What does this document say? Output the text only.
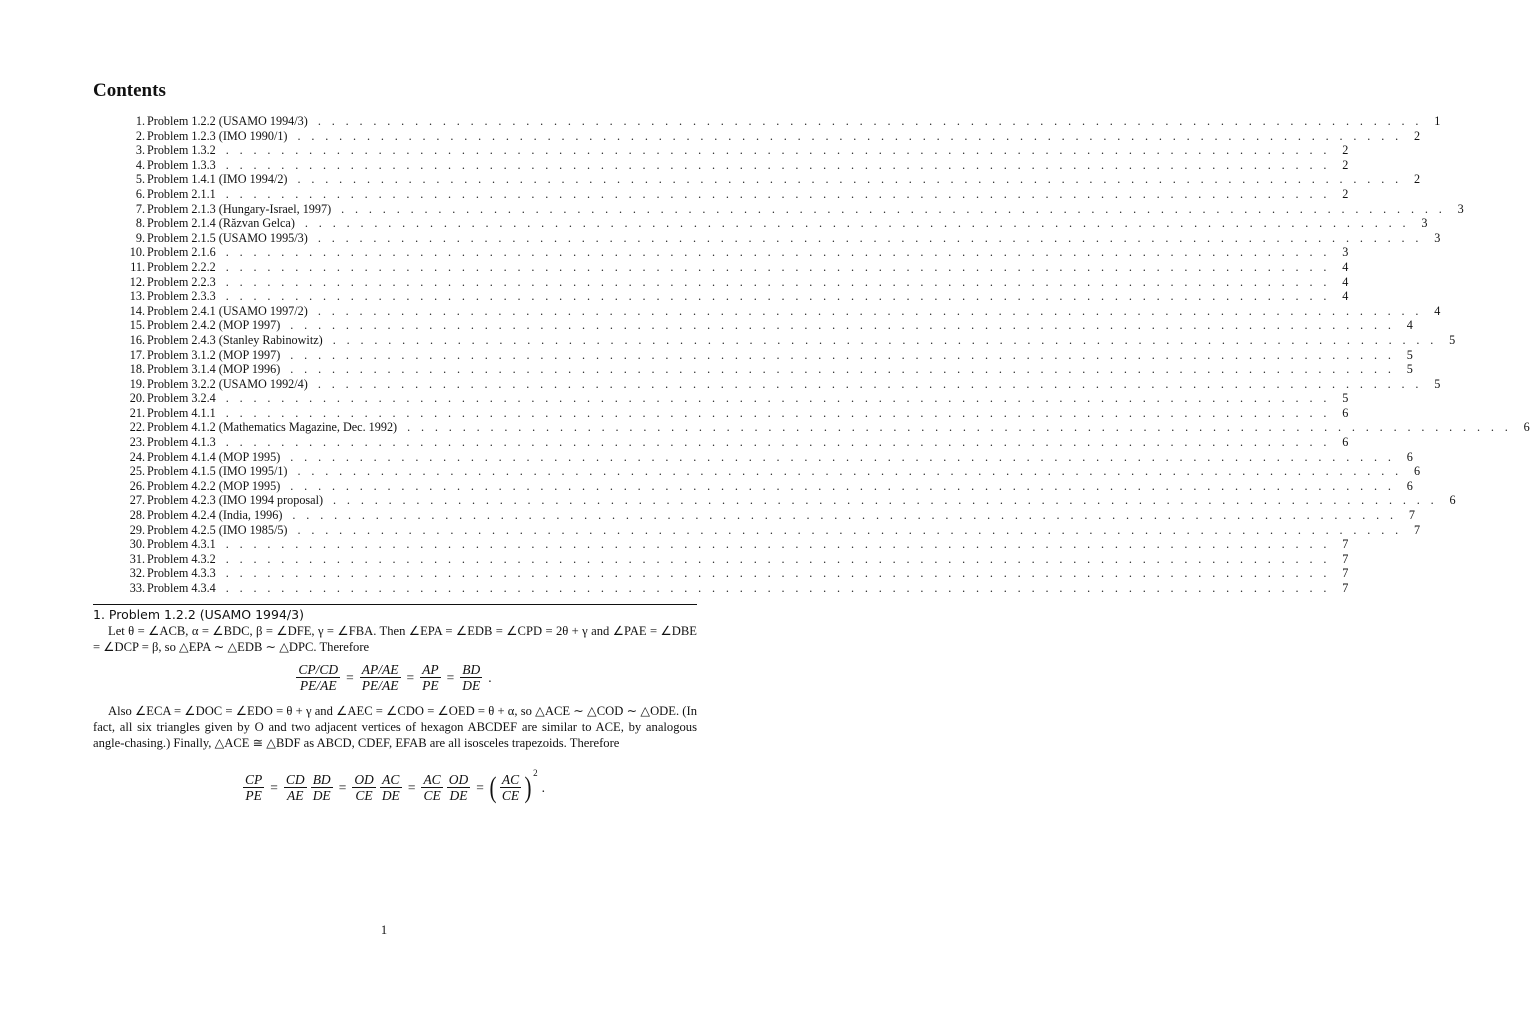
Contents
1. Problem 1.2.2 (USAMO 1994/3) . . . . . . . . . . . . . . . . . . . . . . . . . . . . . . . . . . . . . . . . . . . . . . . . . . . . . . . . . . . . . . . . . . . . . . . . . . . . . . . . 1
2. Problem 1.2.3 (IMO 1990/1) . . . . . . . . . . . . . . . . . . . . . . . . . . . . . . . . . . . . . . . . . . . . . . . . . . . . . . . . . . . . . . . . . . . . . . . . . . . . . . . . 2
3. Problem 1.3.2 . . . . . . . . . . . . . . . . . . . . . . . . . . . . . . . . . . . . . . . . . . . . . . . . . . . . . . . . . . . . . . . . . . . . . . . . . . . . . . . . 2
4. Problem 1.3.3 . . . . . . . . . . . . . . . . . . . . . . . . . . . . . . . . . . . . . . . . . . . . . . . . . . . . . . . . . . . . . . . . . . . . . . . . . . . . . . . . 2
5. Problem 1.4.1 (IMO 1994/2) . . . . . . . . . . . . . . . . . . . . . . . . . . . . . . . . . . . . . . . . . . . . . . . . . . . . . . . . . . . . . . . . . . . . . . . . . . . . . . . . 2
6. Problem 2.1.1 . . . . . . . . . . . . . . . . . . . . . . . . . . . . . . . . . . . . . . . . . . . . . . . . . . . . . . . . . . . . . . . . . . . . . . . . . . . . . . . . 2
7. Problem 2.1.3 (Hungary-Israel, 1997) . . . . . . . . . . . . . . . . . . . . . . . . . . . . . . . . . . . . . . . . . . . . . . . . . . . . . . . . . . . . . . . . . . . . . . . . . . . . . . . . 3
8. Problem 2.1.4 (Răzvan Gelca) . . . . . . . . . . . . . . . . . . . . . . . . . . . . . . . . . . . . . . . . . . . . . . . . . . . . . . . . . . . . . . . . . . . . . . . . . . . . . . . . 3
9. Problem 2.1.5 (USAMO 1995/3) . . . . . . . . . . . . . . . . . . . . . . . . . . . . . . . . . . . . . . . . . . . . . . . . . . . . . . . . . . . . . . . . . . . . . . . . . . . . . . . . 3
10. Problem 2.1.6 . . . . . . . . . . . . . . . . . . . . . . . . . . . . . . . . . . . . . . . . . . . . . . . . . . . . . . . . . . . . . . . . . . . . . . . . . . . . . . . . 3
11. Problem 2.2.2 . . . . . . . . . . . . . . . . . . . . . . . . . . . . . . . . . . . . . . . . . . . . . . . . . . . . . . . . . . . . . . . . . . . . . . . . . . . . . . . . 4
12. Problem 2.2.3 . . . . . . . . . . . . . . . . . . . . . . . . . . . . . . . . . . . . . . . . . . . . . . . . . . . . . . . . . . . . . . . . . . . . . . . . . . . . . . . . 4
13. Problem 2.3.3 . . . . . . . . . . . . . . . . . . . . . . . . . . . . . . . . . . . . . . . . . . . . . . . . . . . . . . . . . . . . . . . . . . . . . . . . . . . . . . . . 4
14. Problem 2.4.1 (USAMO 1997/2) . . . . . . . . . . . . . . . . . . . . . . . . . . . . . . . . . . . . . . . . . . . . . . . . . . . . . . . . . . . . . . . . . . . . . . . . . . . . . . . . 4
15. Problem 2.4.2 (MOP 1997) . . . . . . . . . . . . . . . . . . . . . . . . . . . . . . . . . . . . . . . . . . . . . . . . . . . . . . . . . . . . . . . . . . . . . . . . . . . . . . . . 4
16. Problem 2.4.3 (Stanley Rabinowitz) . . . . . . . . . . . . . . . . . . . . . . . . . . . . . . . . . . . . . . . . . . . . . . . . . . . . . . . . . . . . . . . . . . . . . . . . . . . . . . . . 5
17. Problem 3.1.2 (MOP 1997) . . . . . . . . . . . . . . . . . . . . . . . . . . . . . . . . . . . . . . . . . . . . . . . . . . . . . . . . . . . . . . . . . . . . . . . . . . . . . . . . 5
18. Problem 3.1.4 (MOP 1996) . . . . . . . . . . . . . . . . . . . . . . . . . . . . . . . . . . . . . . . . . . . . . . . . . . . . . . . . . . . . . . . . . . . . . . . . . . . . . . . . 5
19. Problem 3.2.2 (USAMO 1992/4) . . . . . . . . . . . . . . . . . . . . . . . . . . . . . . . . . . . . . . . . . . . . . . . . . . . . . . . . . . . . . . . . . . . . . . . . . . . . . . . . 5
20. Problem 3.2.4 . . . . . . . . . . . . . . . . . . . . . . . . . . . . . . . . . . . . . . . . . . . . . . . . . . . . . . . . . . . . . . . . . . . . . . . . . . . . . . . . 5
21. Problem 4.1.1 . . . . . . . . . . . . . . . . . . . . . . . . . . . . . . . . . . . . . . . . . . . . . . . . . . . . . . . . . . . . . . . . . . . . . . . . . . . . . . . . 6
22. Problem 4.1.2 (Mathematics Magazine, Dec. 1992) . . . . . . . . . . . . . . . . . . . . . . . . . . . . . . . . . . . . . . . . . . . . . . . . . . . . . . . . . . . . . . . . . . . . . . . . . . . . . . . . 6
23. Problem 4.1.3 . . . . . . . . . . . . . . . . . . . . . . . . . . . . . . . . . . . . . . . . . . . . . . . . . . . . . . . . . . . . . . . . . . . . . . . . . . . . . . . . 6
24. Problem 4.1.4 (MOP 1995) . . . . . . . . . . . . . . . . . . . . . . . . . . . . . . . . . . . . . . . . . . . . . . . . . . . . . . . . . . . . . . . . . . . . . . . . . . . . . . . . 6
25. Problem 4.1.5 (IMO 1995/1) . . . . . . . . . . . . . . . . . . . . . . . . . . . . . . . . . . . . . . . . . . . . . . . . . . . . . . . . . . . . . . . . . . . . . . . . . . . . . . . . 6
26. Problem 4.2.2 (MOP 1995) . . . . . . . . . . . . . . . . . . . . . . . . . . . . . . . . . . . . . . . . . . . . . . . . . . . . . . . . . . . . . . . . . . . . . . . . . . . . . . . . 6
27. Problem 4.2.3 (IMO 1994 proposal) . . . . . . . . . . . . . . . . . . . . . . . . . . . . . . . . . . . . . . . . . . . . . . . . . . . . . . . . . . . . . . . . . . . . . . . . . . . . . . . . 6
28. Problem 4.2.4 (India, 1996) . . . . . . . . . . . . . . . . . . . . . . . . . . . . . . . . . . . . . . . . . . . . . . . . . . . . . . . . . . . . . . . . . . . . . . . . . . . . . . . . 7
29. Problem 4.2.5 (IMO 1985/5) . . . . . . . . . . . . . . . . . . . . . . . . . . . . . . . . . . . . . . . . . . . . . . . . . . . . . . . . . . . . . . . . . . . . . . . . . . . . . . . . 7
30. Problem 4.3.1 . . . . . . . . . . . . . . . . . . . . . . . . . . . . . . . . . . . . . . . . . . . . . . . . . . . . . . . . . . . . . . . . . . . . . . . . . . . . . . . . 7
31. Problem 4.3.2 . . . . . . . . . . . . . . . . . . . . . . . . . . . . . . . . . . . . . . . . . . . . . . . . . . . . . . . . . . . . . . . . . . . . . . . . . . . . . . . . 7
32. Problem 4.3.3 . . . . . . . . . . . . . . . . . . . . . . . . . . . . . . . . . . . . . . . . . . . . . . . . . . . . . . . . . . . . . . . . . . . . . . . . . . . . . . . . 7
33. Problem 4.3.4 . . . . . . . . . . . . . . . . . . . . . . . . . . . . . . . . . . . . . . . . . . . . . . . . . . . . . . . . . . . . . . . . . . . . . . . . . . . . . . . . 7
1. Problem 1.2.2 (USAMO 1994/3)

Let θ = ∠ACB, α = ∠BDC, β = ∠DFE, γ = ∠FBA. Then ∠EPA = ∠EDB = ∠CPD = 2θ + γ and ∠PAE = ∠DBE = ∠DCP = β, so △EPA ∼ △EDB ∼ △DPC. Therefore

$\frac{CP/CD}{PE/AE} = \frac{AP/AE}{PE/AE} = \frac{AP}{PE} = \frac{BD}{DE}$ .

Also ∠ECA = ∠DOC = ∠EDO = θ + γ and ∠AEC = ∠CDO = ∠OED = θ + α, so △ACE ∼ △COD ∼ △ODE. (In fact, all six triangles given by O and two adjacent vertices of hexagon ABCDEF are similar to ACE, by analogous angle-chasing.) Finally, △ACE ≅ △BDF as ABCD, CDEF, EFAB are all isosceles trapezoids. Therefore

$\frac{CP}{PE} = \frac{CD}{AE} \frac{BD}{DE} = \frac{OD}{CE} \frac{AC}{DE} = \frac{AC}{CE} \frac{OD}{DE}$ = ( $\frac{AC}{CE}$ ) 2.
1
